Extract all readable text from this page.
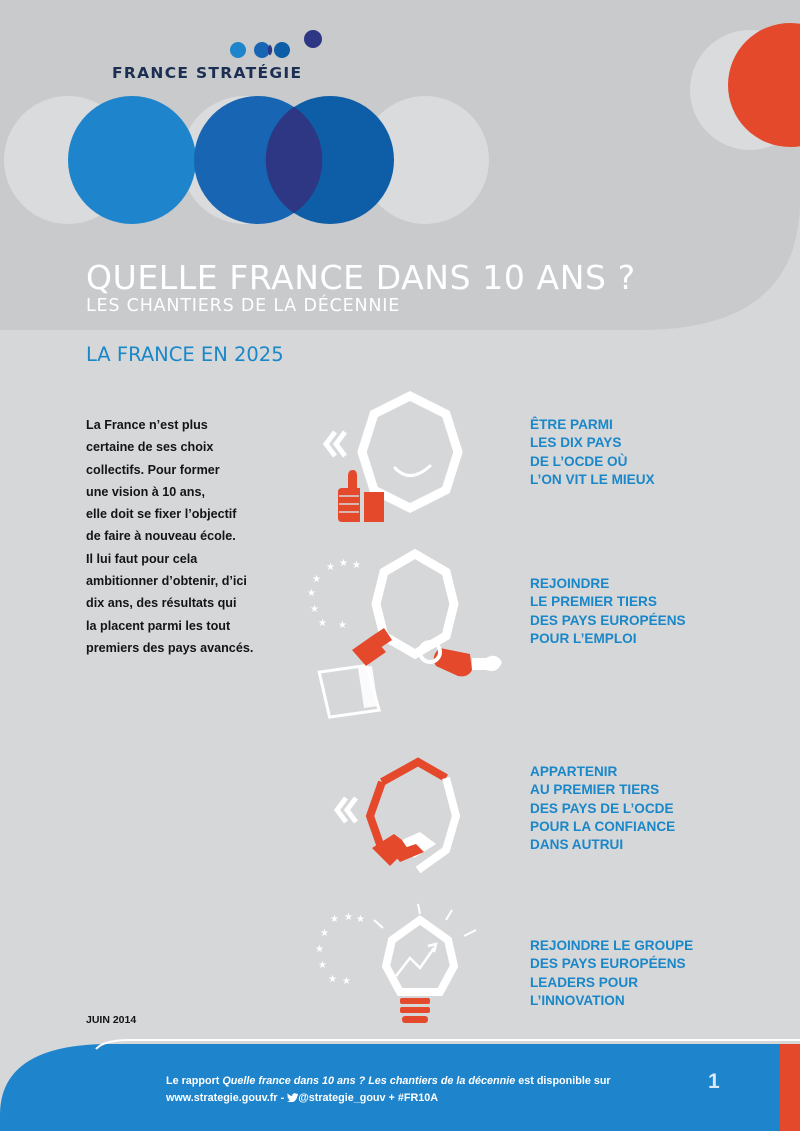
★ ★ ★
★
★
★
★ ★
★ ★ ★
★
★
★
★ ★
FRANCE STRATÉGIE
QUELLE FRANCE DANS 10 ANS ?
LES CHANTIERS DE LA DÉCENNIE
LA FRANCE EN 2025
La France n’est plus
certaine de ses choix
collectifs. Pour former
une vision à 10 ans,
elle doit se fixer l’objectif
de faire à nouveau école.
Il lui faut pour cela
ambitionner d’obtenir, d’ici
dix ans, des résultats qui
la placent parmi les tout
premiers des pays avancés.
ÊTRE PARMI
LES DIX PAYS
DE L’OCDE OÙ
L’ON VIT LE MIEUX
REJOINDRE
LE PREMIER TIERS
DES PAYS EUROPÉENS
POUR L’EMPLOI
APPARTENIR
AU PREMIER TIERS
DES PAYS DE L’OCDE
POUR LA CONFIANCE
DANS AUTRUI
REJOINDRE LE GROUPE
DES PAYS EUROPÉENS
LEADERS POUR
L’INNOVATION
JUIN 2014
Le rapport Quelle france dans 10 ans ? Les chantiers de la décennie est disponible sur
www.strategie.gouv.fr - @strategie_gouv + #FR10A
1
